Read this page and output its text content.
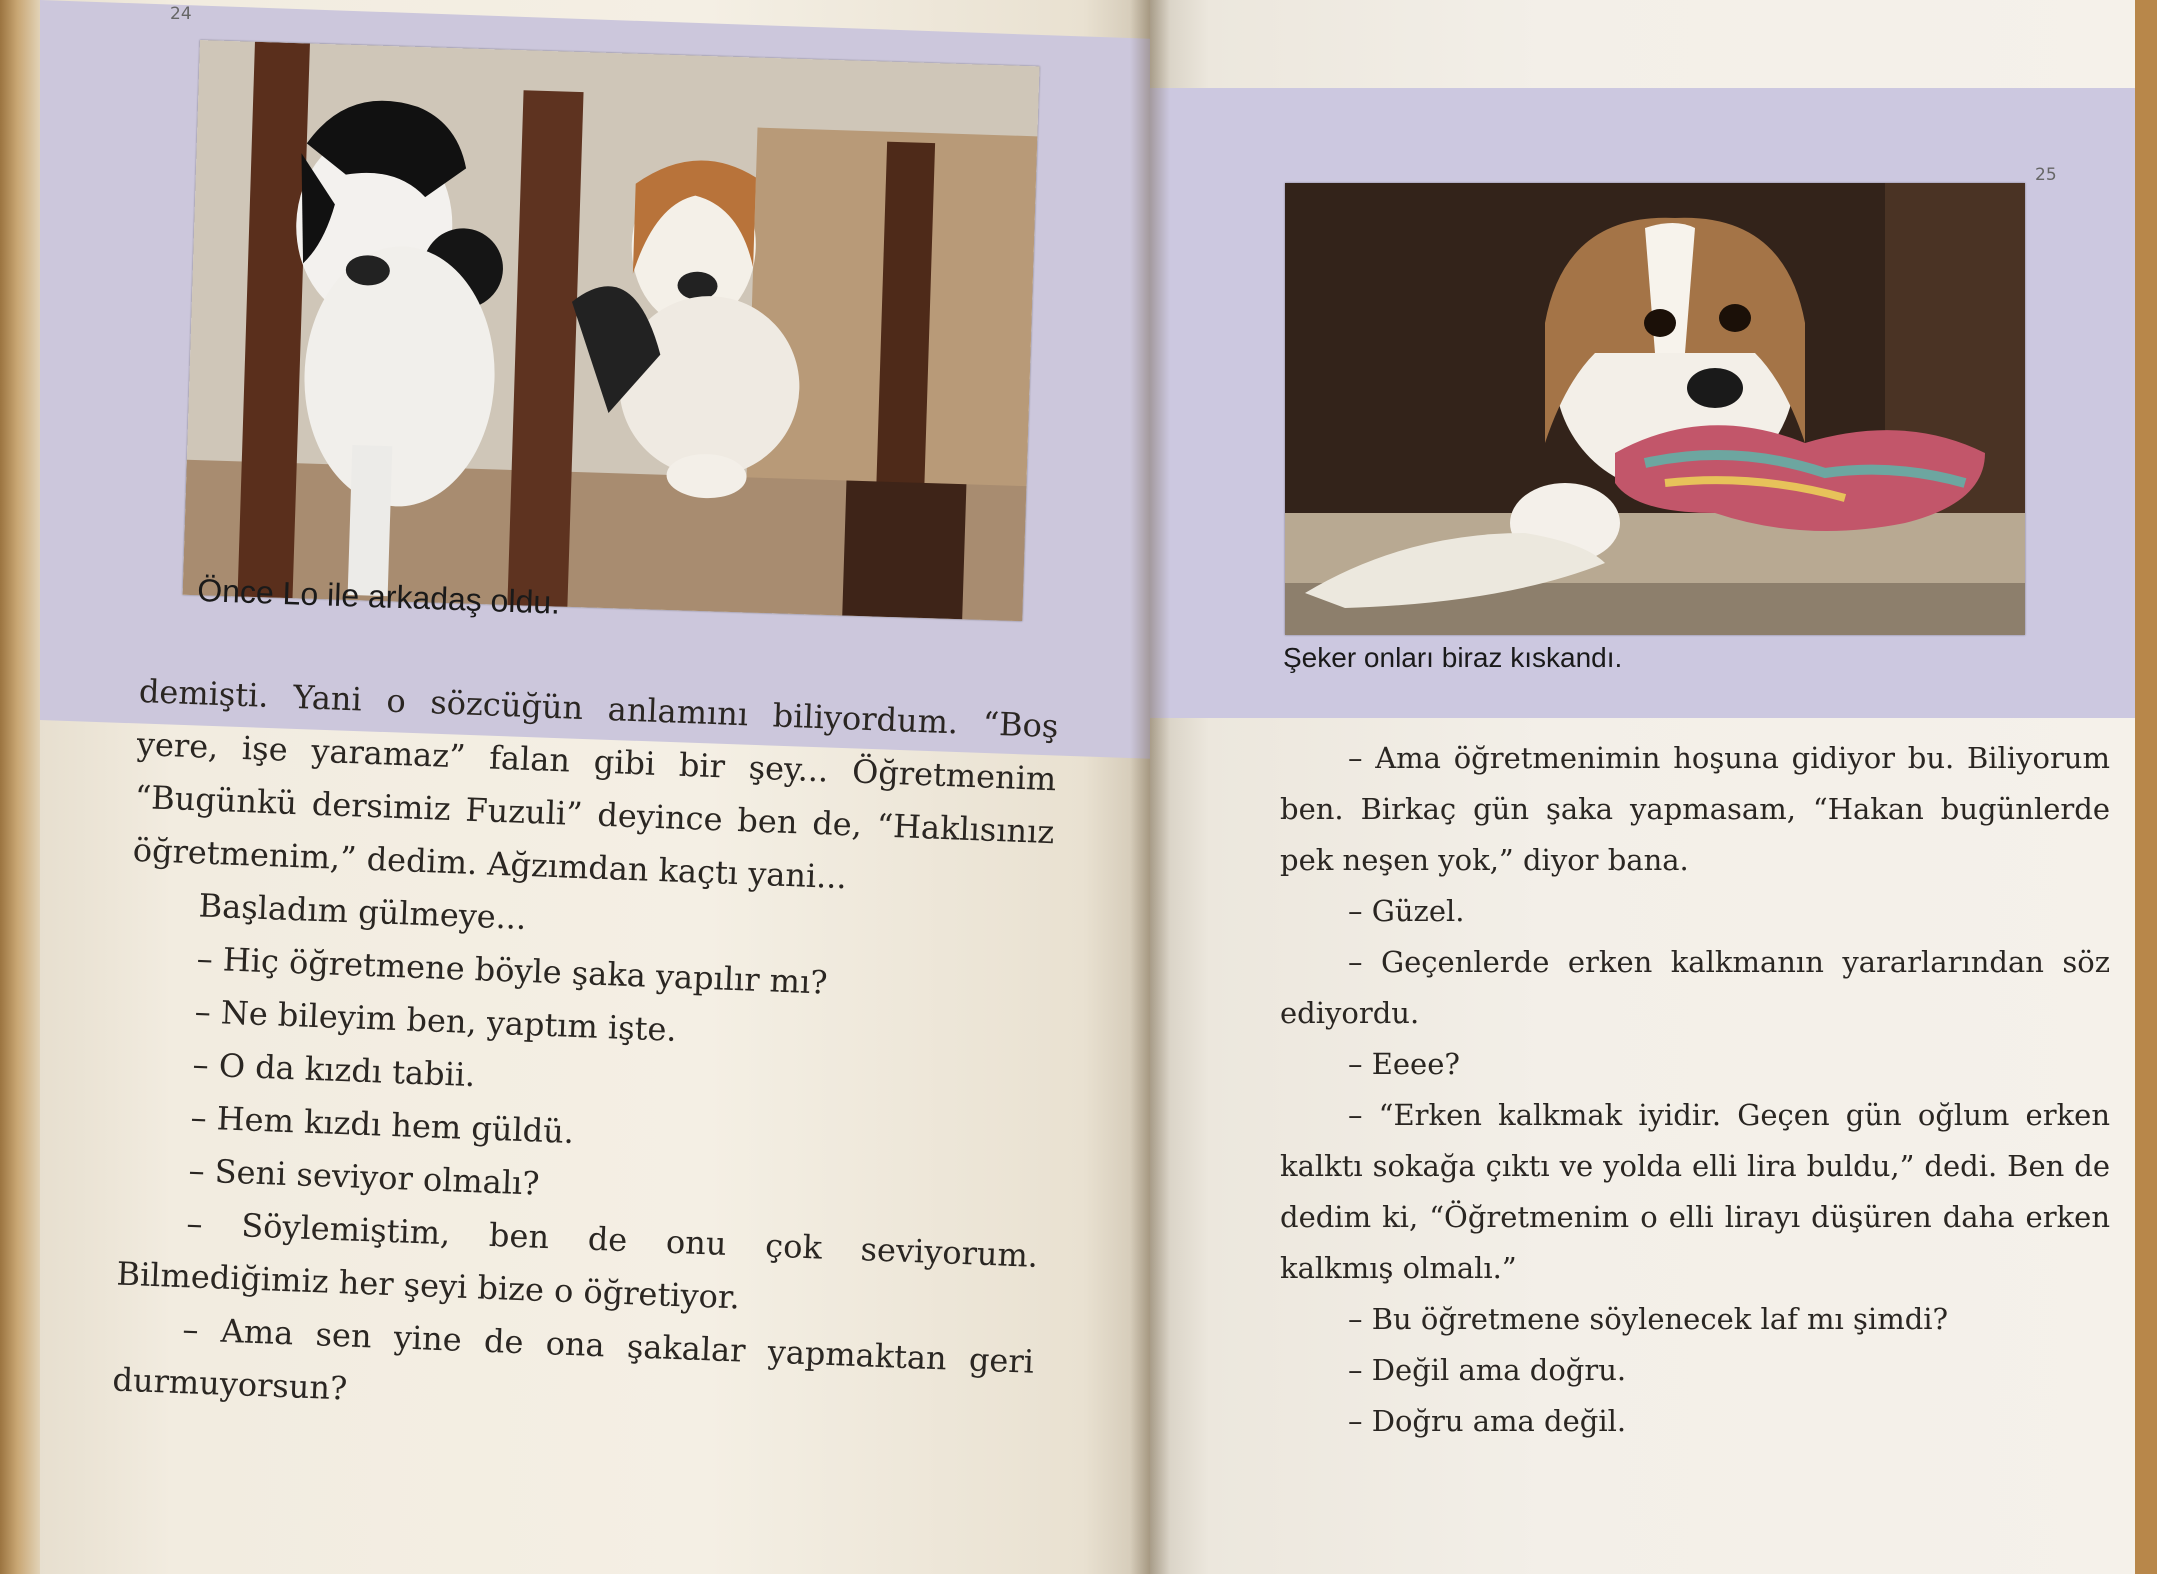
24
Önce Lo ile arkadaş oldu.

demişti. Yani o sözcüğün anlamını biliyordum. “Boş yere, işe yaramaz” falan gibi bir şey... Öğretmenim “Bugünkü dersimiz Fuzuli” deyince ben de, “Haklısınız öğretmenim,” dedim. Ağzımdan kaçtı yani...

Başladım gülmeye...

– Hiç öğretmene böyle şaka yapılır mı?

– Ne bileyim ben, yaptım işte.

– O da kızdı tabii.

– Hem kızdı hem güldü.

– Seni seviyor olmalı?

– Söylemiştim, ben de onu çok seviyorum. Bilmediğimiz her şeyi bize o öğretiyor.

– Ama sen yine de ona şakalar yapmaktan geri durmuyorsun?

25
Şeker onları biraz kıskandı.

– Ama öğretmenimin hoşuna gidiyor bu. Biliyorum ben. Birkaç gün şaka yapmasam, “Hakan bugünlerde pek neşen yok,” diyor bana.

– Güzel.

– Geçenlerde erken kalkmanın yararlarından söz ediyordu.

– Eeee?

– “Erken kalkmak iyidir. Geçen gün oğlum erken kalktı sokağa çıktı ve yolda elli lira buldu,” dedi. Ben de dedim ki, “Öğretmenim o elli lirayı düşüren daha erken kalkmış olmalı.”

– Bu öğretmene söylenecek laf mı şimdi?

– Değil ama doğru.

– Doğru ama değil.
